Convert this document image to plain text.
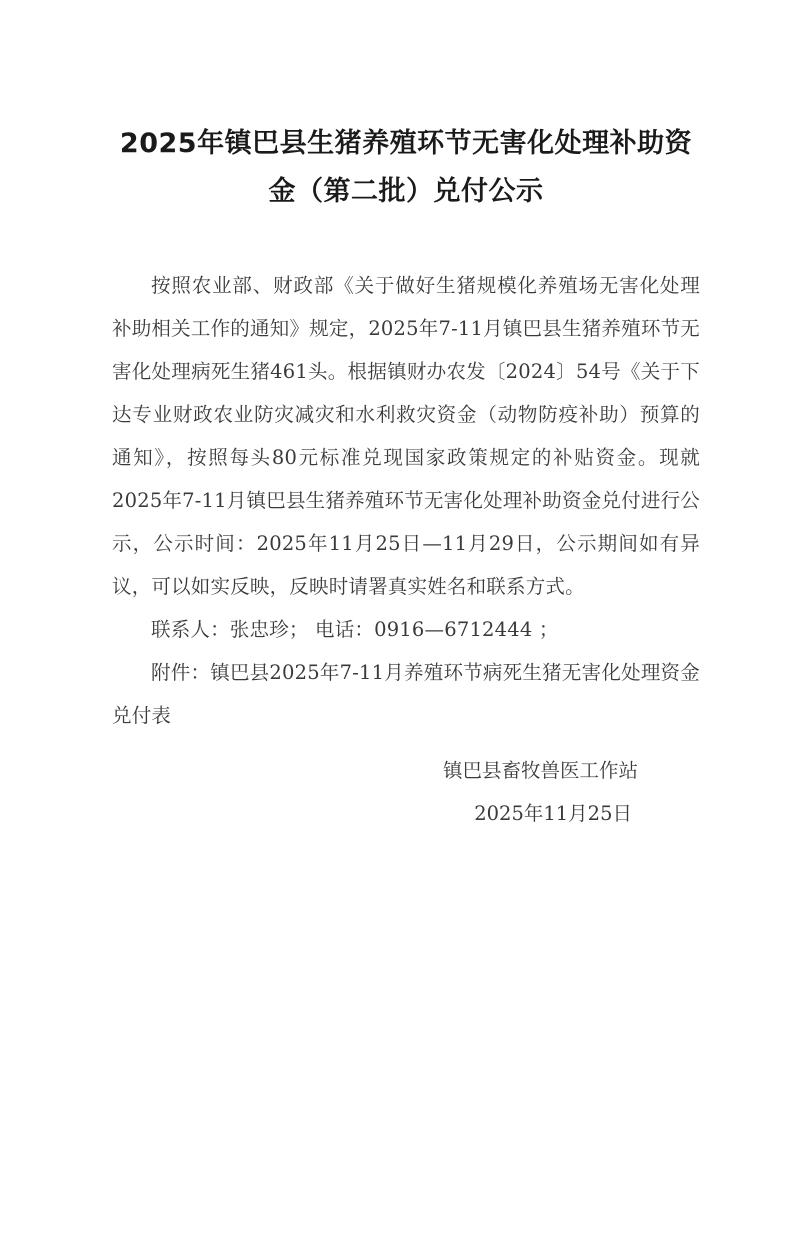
2025年镇巴县生猪养殖环节无害化处理补助资金（第二批）兑付公示

按照农业部、财政部《关于做好生猪规模化养殖场无害化处理补助相关工作的通知》规定，2025年7-11月镇巴县生猪养殖环节无害化处理病死生猪461头。根据镇财办农发〔2024〕54号《关于下达专业财政农业防灾减灾和水利救灾资金（动物防疫补助）预算的通知》，按照每头80元标准兑现国家政策规定的补贴资金。现就2025年7-11月镇巴县生猪养殖环节无害化处理补助资金兑付进行公示，公示时间：2025年11月25日—11月29日，公示期间如有异议，可以如实反映，反映时请署真实姓名和联系方式。

联系人：张忠珍； 电话：0916—6712444 ；

附件：镇巴县2025年7-11月养殖环节病死生猪无害化处理资金兑付表

镇巴县畜牧兽医工作站
2025年11月25日
